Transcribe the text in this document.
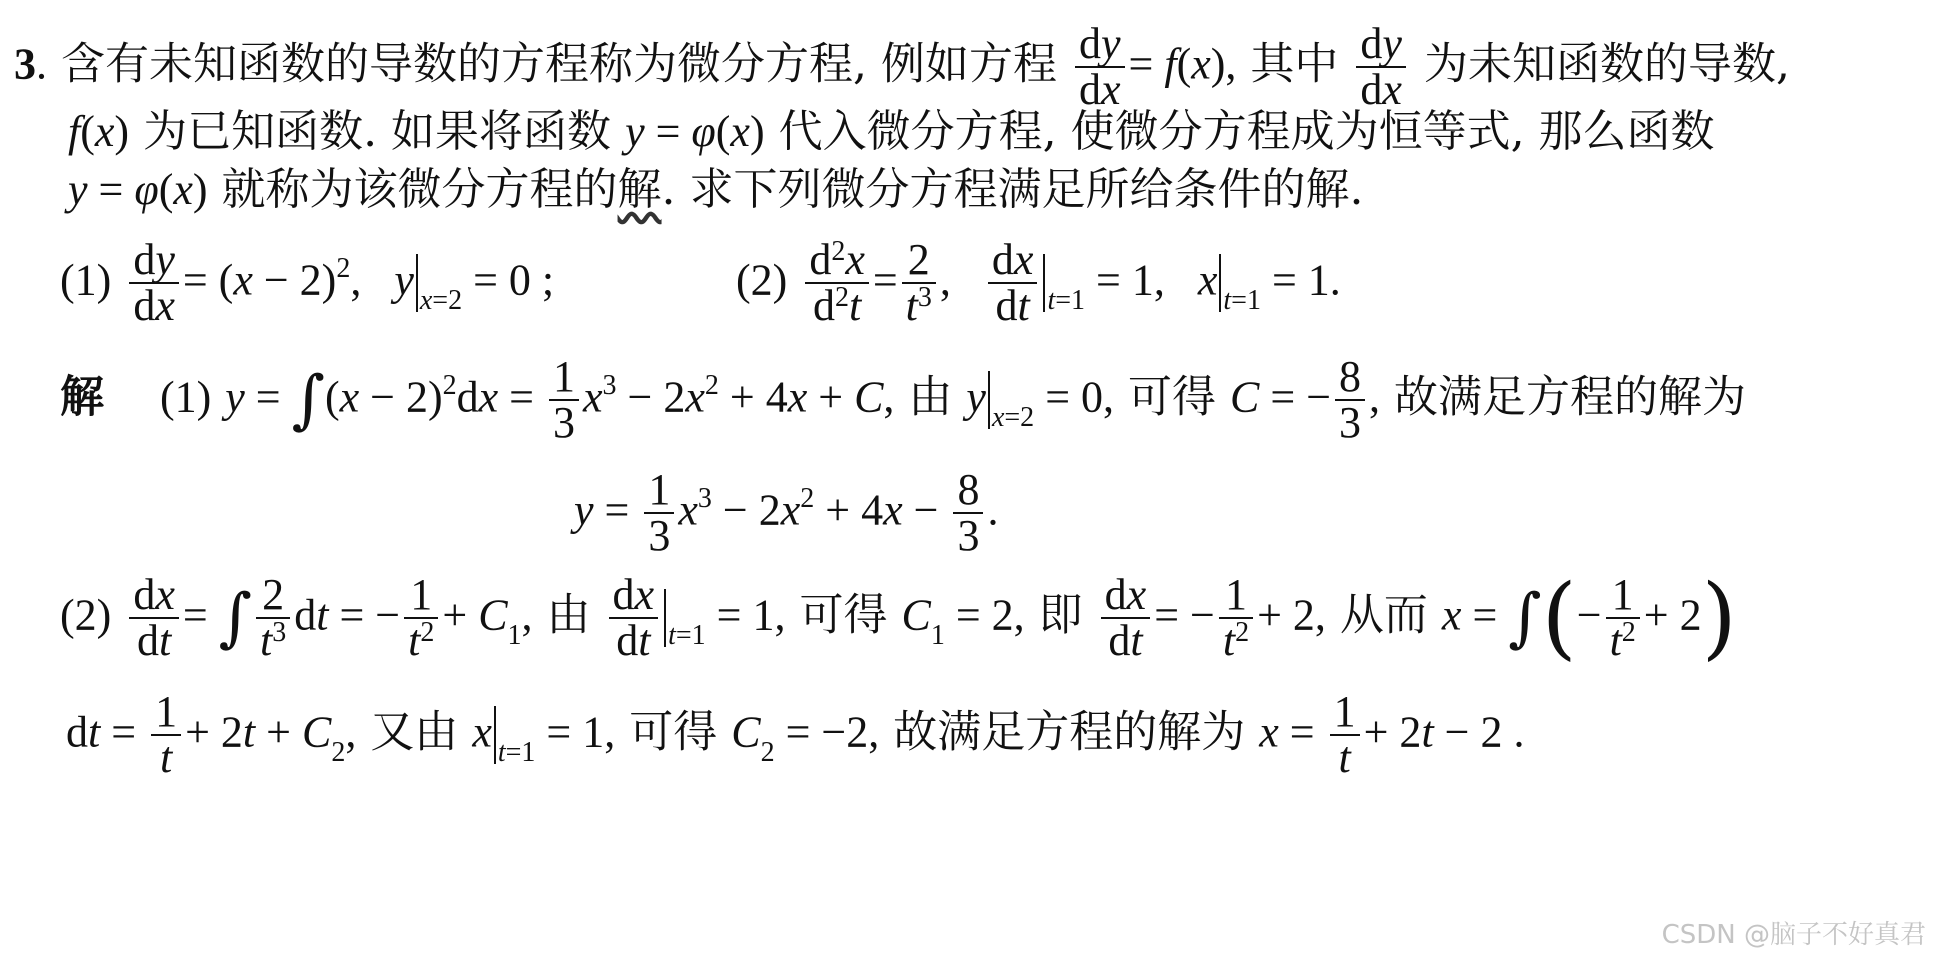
3. 含有未知函数的导数的方程称为微分方程, 例如方程 $\frac{dy}{dx} = f(x)$, 其中 $\frac{dy}{dx}$ 为未知函数的导数,
f(x) 为已知函数. 如果将函数 y = φ(x) 代入微分方程, 使微分方程成为恒等式, 那么函数
y = φ(x) 就称为该微分方程的解. 求下列微分方程满足所给条件的解.
$(1) \frac{dy}{dx} = (x - 2)^2$,   y $_{x=2}$ = 0 ;	$(2) \frac{d^2x}{d^2t} = \frac{2}{t^3}$ , $\frac{dx}{dt} _{t=1} = 1$,   x $_{t=1}$ = 1.
解 (1) $y = \int(x - 2)^2dx = \frac{1}{3} x^3 - 2x^2 + 4x + C$, 由 y $_{x=2}$ = 0, 可得 C = − $\frac{8}{3}$ , 故满足方程的解为
$y = \frac{1}{3} x^3 - 2x^2 + 4x - \frac{8}{3}$ .
$(2) \frac{dx}{dt}$ = ∫ $\frac{2}{t^3}$ dt = − $\frac{1}{t^2} + C_1$, 由 $\frac{dx}{dt} _{t=1} = 1$, 可得 $C_1 = 2$, 即 $\frac{dx}{dt}$ = − $\frac{1}{t^2} + 2$, 从而 x = ∫(− $\frac{1}{t^2} + 2$)
dt = $\frac{1}{t} + 2t + C_2$, 又由 x $_{t=1}$ = 1, 可得 $C_2 = -2$, 故满足方程的解为 $x = \frac{1}{t} + 2t - 2$ .
CSDN @脑子不好真君
